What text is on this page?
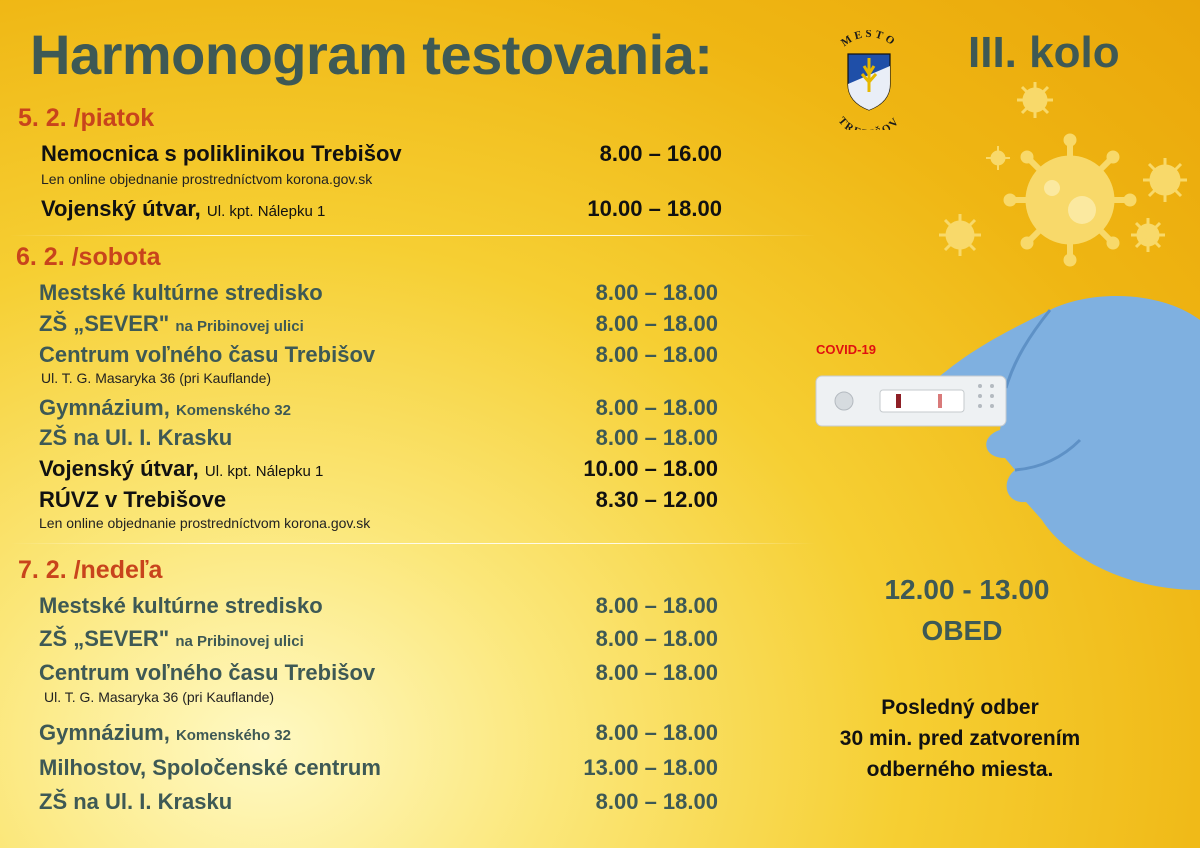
Harmonogram testovania:	III. kolo
MESTO
TR OV
COVID-19
5. 2. /piatok
Nemocnica s poliklinikou Trebišov	8.00 – 16.00
Len online objednanie prostredníctvom korona.gov.sk
Vojenský útvar, Ul. kpt. Nálepku 1	10.00 – 18.00
6. 2. /sobota
Mestské kultúrne stredisko	8.00 – 18.00
ZŠ „SEVER" na Pribinovej ulici	8.00 – 18.00
Centrum voľného času Trebišov	8.00 – 18.00
Ul. T. G. Masaryka 36 (pri Kauflande)
Gymnázium, Komenského 32	8.00 – 18.00
ZŠ na Ul. I. Krasku	8.00 – 18.00
Vojenský útvar, Ul. kpt. Nálepku 1	10.00 – 18.00
RÚVZ v Trebišove	8.30 – 12.00
Len online objednanie prostredníctvom korona.gov.sk
7. 2. /nedeľa
Mestské kultúrne stredisko	8.00 – 18.00
ZŠ „SEVER" na Pribinovej ulici	8.00 – 18.00
Centrum voľného času Trebišov	8.00 – 18.00
Ul. T. G. Masaryka 36 (pri Kauflande)
Gymnázium, Komenského 32	8.00 – 18.00
Milhostov, Spoločenské centrum	13.00 – 18.00
ZŠ na Ul. I. Krasku	8.00 – 18.00
12.00 - 13.00
OBED
Posledný odber
30 min. pred zatvorením
odberného miesta.
